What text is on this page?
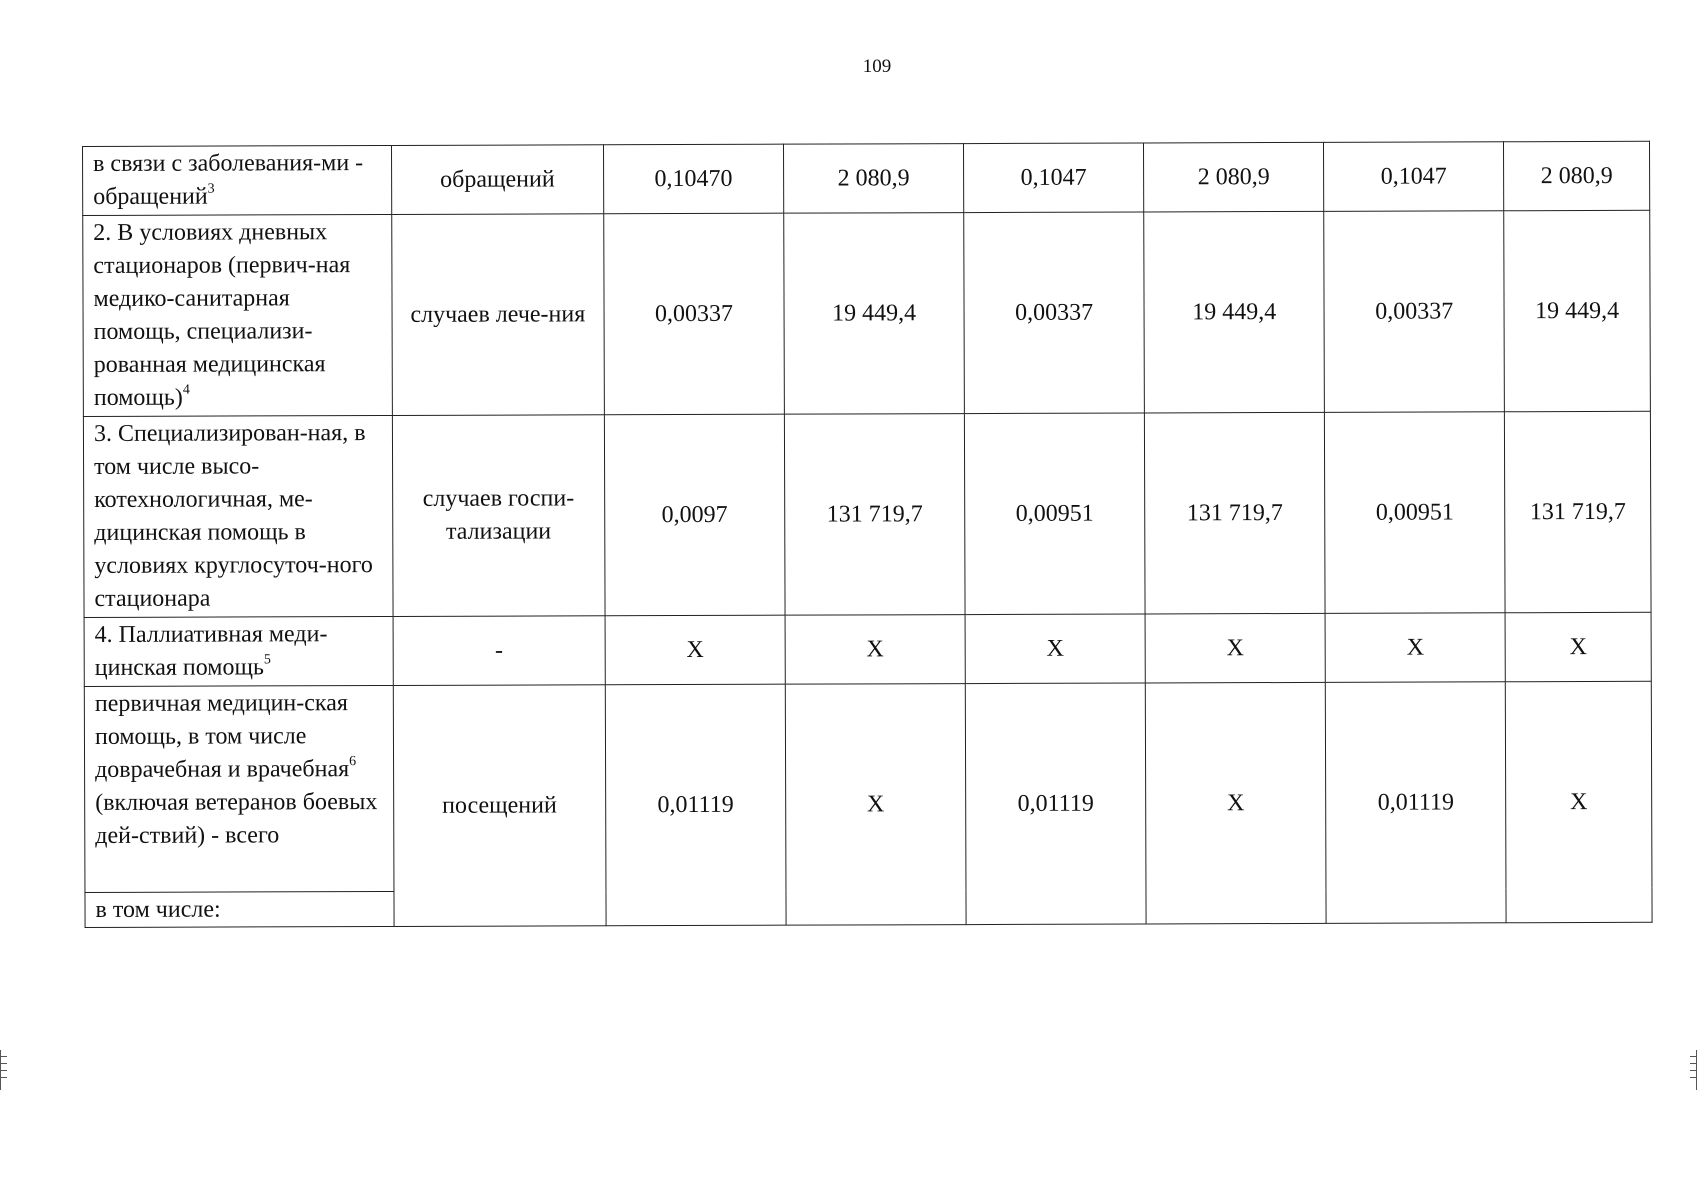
109
в связи с заболевания-ми - обращений$^3$	обращений	0,10470	2 080,9	0,1047	2 080,9	0,1047	2 080,9
2. В условиях дневных стационаров (первич-ная медико-санитарная помощь, специализи-рованная медицинская помощь)$^4$	случаев лече-ния	0,00337	19 449,4	0,00337	19 449,4	0,00337	19 449,4
3. Специализирован-ная, в том числе высо-котехнологичная, ме-дицинская помощь в условиях круглосуточ-ного стационара	случаев госпи-тализации	0,0097	131 719,7	0,00951	131 719,7	0,00951	131 719,7
4. Паллиативная меди-цинская помощь$^5$	-	X	X	X	X	X	X
первичная медицин-ская помощь, в том числе доврачебная и врачебная$^6$ (включая ветеранов боевых дей-ствий) - всего	посещений	0,01119	X	0,01119	X	0,01119	X
в том числе:							
